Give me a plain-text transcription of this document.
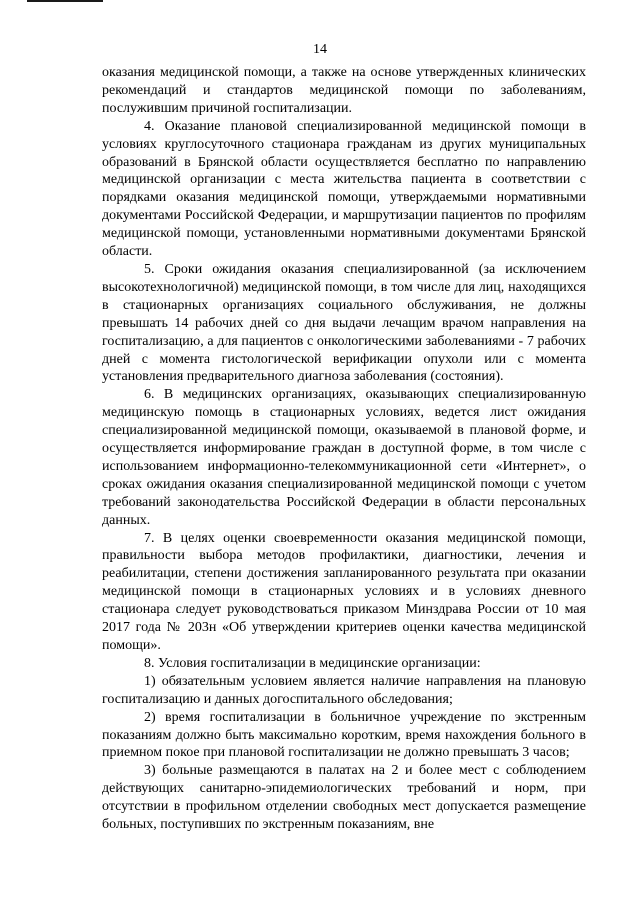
14

оказания медицинской помощи, а также на основе утвержденных клинических рекомендаций и стандартов медицинской помощи по заболеваниям, послужившим причиной госпитализации.

4. Оказание плановой специализированной медицинской помощи в условиях круглосуточного стационара гражданам из других муниципальных образований в Брянской области осуществляется бесплатно по направлению медицинской организации с места жительства пациента в соответствии с порядками оказания медицинской помощи, утверждаемыми нормативными документами Российской Федерации, и маршрутизации пациентов по профилям медицинской помощи, установленными нормативными документами Брянской области.

5. Сроки ожидания оказания специализированной (за исключением высокотехнологичной) медицинской помощи, в том числе для лиц, находящихся в стационарных организациях социального обслуживания, не должны превышать 14 рабочих дней со дня выдачи лечащим врачом направления на госпитализацию, а для пациентов с онкологическими заболеваниями - 7 рабочих дней с момента гистологической верификации опухоли или с момента установления предварительного диагноза заболевания (состояния).

6. В медицинских организациях, оказывающих специализированную медицинскую помощь в стационарных условиях, ведется лист ожидания специализированной медицинской помощи, оказываемой в плановой форме, и осуществляется информирование граждан в доступной форме, в том числе с использованием информационно-телекоммуникационной сети «Интернет», о сроках ожидания оказания специализированной медицинской помощи с учетом требований законодательства Российской Федерации в области персональных данных.

7. В целях оценки своевременности оказания медицинской помощи, правильности выбора методов профилактики, диагностики, лечения и реабилитации, степени достижения запланированного результата при оказании медицинской помощи в стационарных условиях и в условиях дневного стационара следует руководствоваться приказом Минздрава России от 10 мая 2017 года № 203н «Об утверждении критериев оценки качества медицинской помощи».

8. Условия госпитализации в медицинские организации:

1) обязательным условием является наличие направления на плановую госпитализацию и данных догоспитального обследования;

2) время госпитализации в больничное учреждение по экстренным показаниям должно быть максимально коротким, время нахождения больного в приемном покое при плановой госпитализации не должно превышать 3 часов;

3) больные размещаются в палатах на 2 и более мест с соблюдением действующих санитарно-эпидемиологических требований и норм, при отсутствии в профильном отделении свободных мест допускается размещение больных, поступивших по экстренным показаниям, вне
